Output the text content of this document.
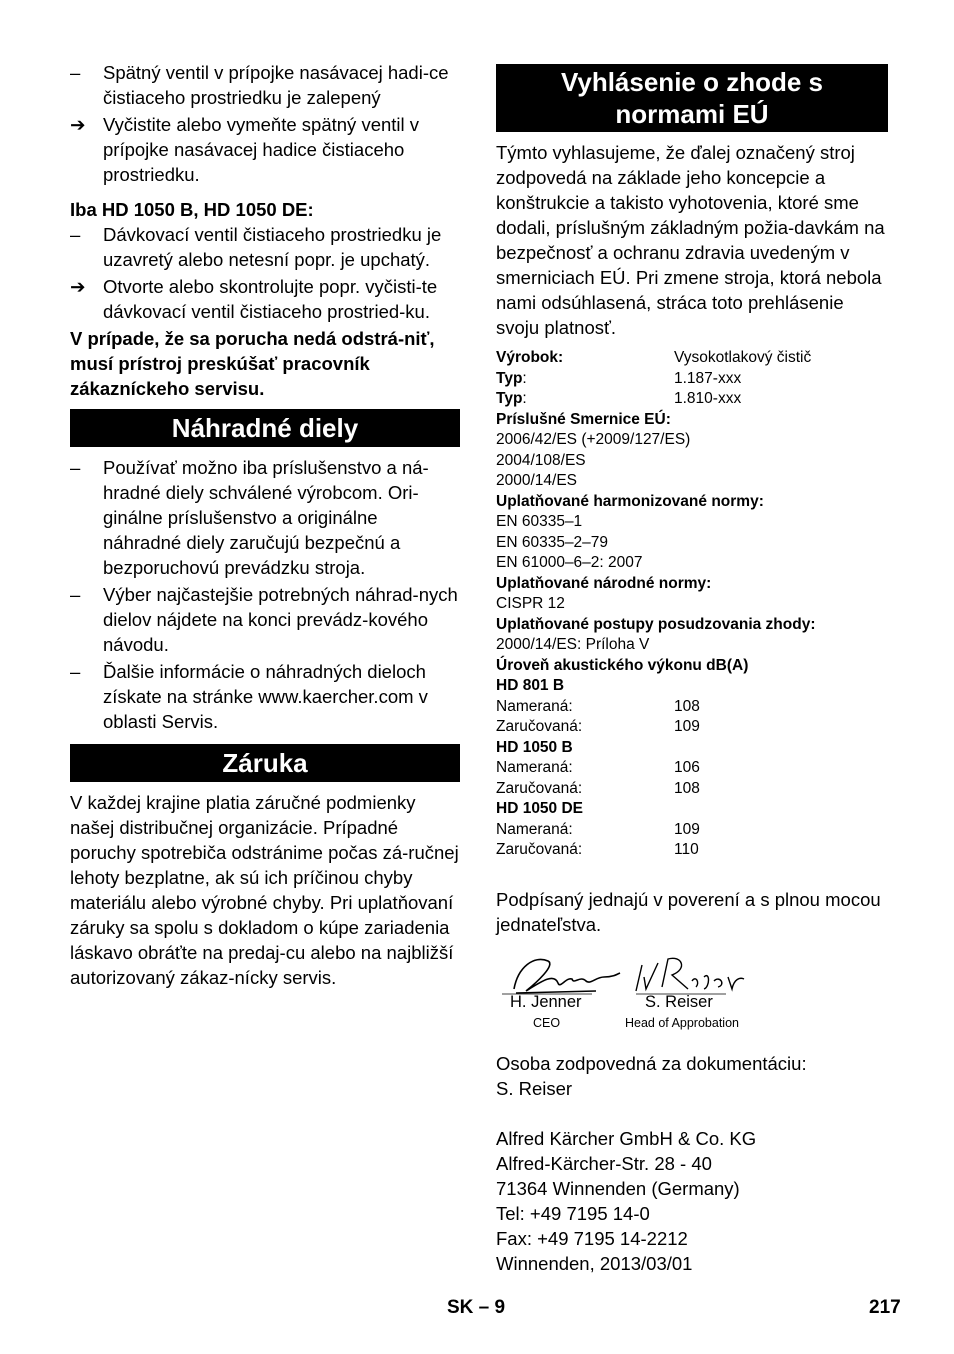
–	Spätný ventil v prípojke nasávacej hadi-ce čistiaceho prostriedku je zalepený
➔ Vyčistite alebo vymeňte spätný ventil v prípojke nasávacej hadice čistiaceho prostriedku.

Iba HD 1050 B, HD 1050 DE:

–	Dávkovací ventil čistiaceho prostriedku je uzavretý alebo netesní popr. je upchatý.
➔ Otvorte alebo skontrolujte popr. vyčisti-te dávkovací ventil čistiaceho prostried-ku.

V prípade, že sa porucha nedá odstrá-niť, musí prístroj preskúšať pracovník zákazníckeho servisu.

Náhradné diely
–	Používať možno iba príslušenstvo a ná-hradné diely schválené výrobcom. Ori-ginálne príslušenstvo a originálne náhradné diely zaručujú bezpečnú a bezporuchovú prevádzku stroja.
–	Výber najčastejšie potrebných náhrad-nych dielov nájdete na konci prevádz-kového návodu.
–	Ďalšie informácie o náhradných dieloch získate na stránke www.kaercher.com v oblasti Servis.
Záruka

V každej krajine platia záručné podmienky našej distribučnej organizácie. Prípadné poruchy spotrebiča odstránime počas zá-ručnej lehoty bezplatne, ak sú ich príčinou chyby materiálu alebo výrobné chyby. Pri uplatňovaní záruky sa spolu s dokladom o kúpe zariadenia láskavo obráťte na predaj-cu alebo na najbližší autorizovaný zákaz-nícky servis.

Vyhlásenie o zhode s
normami EÚ

Týmto vyhlasujeme, že ďalej označený stroj zodpovedá na základe jeho koncepcie a konštrukcie a takisto vyhotovenia, ktoré sme dodali, príslušným základným požia-davkám na bezpečnosť a ochranu zdravia uvedeným v smerniciach EÚ. Pri zmene stroja, ktorá nebola nami odsúhlasená, stráca toto prehlásenie svoju platnosť.

Výrobok:	Vysokotlakový čistič
Typ:	1.187-xxx
Typ:	1.810-xxx
Príslušné Smernice EÚ:
2006/42/ES (+2009/127/ES)
2004/108/ES
2000/14/ES
Uplatňované harmonizované normy:
EN 60335–1
EN 60335–2–79
EN 61000–6–2: 2007
Uplatňované národné normy:
CISPR 12
Uplatňované postupy posudzovania zhody:
2000/14/ES: Príloha V
Úroveň akustického výkonu dB(A)
HD 801 B
Nameraná:	108
Zaručovaná:	109
HD 1050 B
Nameraná:	106
Zaručovaná:	108
HD 1050 DE
Nameraná:	109
Zaručovaná:	110

Podpísaný jednajú v poverení a s plnou mocou jednateľstva.

H. Jenner
CEO
S. Reiser
Head of Approbation

Osoba zodpovedná za dokumentáciu:

S. Reiser

Alfred Kärcher GmbH & Co. KG

Alfred-Kärcher-Str. 28 - 40

71364 Winnenden (Germany)

Tel: +49 7195 14-0

Fax: +49 7195 14-2212

Winnenden, 2013/03/01

SK – 9	217
